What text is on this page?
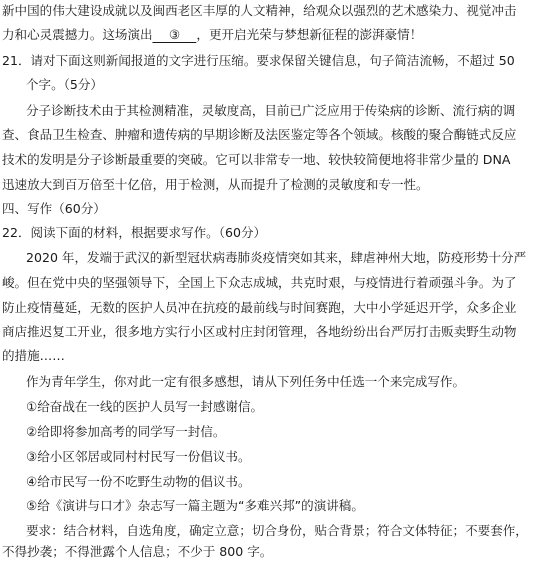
新中国的伟大建设成就以及闽西老区丰厚的人文精神，给观众以强烈的艺术感染力、视觉冲击
力和心灵震撼力。这场演出 ③ ，更开启光荣与梦想新征程的澎湃豪情！
21．请对下面这则新闻报道的文字进行压缩。要求保留关键信息，句子简洁流畅，不超过 50
个字。（5分）
分子诊断技术由于其检测精准，灵敏度高，目前已广泛应用于传染病的诊断、流行病的调
查、食品卫生检查、肿瘤和遗传病的早期诊断及法医鉴定等各个领域。核酸的聚合酶链式反应
技术的发明是分子诊断最重要的突破。它可以非常专一地、较快较简便地将非常少量的 DNA
迅速放大到百万倍至十亿倍，用于检测，从而提升了检测的灵敏度和专一性。
四、写作（60分）
22．阅读下面的材料，根据要求写作。（60分）
2020 年，发端于武汉的新型冠状病毒肺炎疫情突如其来，肆虐神州大地，防疫形势十分严
峻。但在党中央的坚强领导下，全国上下众志成城，共克时艰，与疫情进行着顽强斗争。为了
防止疫情蔓延，无数的医护人员冲在抗疫的最前线与时间赛跑，大中小学延迟开学，众多企业
商店推迟复工开业，很多地方实行小区或村庄封闭管理，各地纷纷出台严厉打击贩卖野生动物
的措施……
作为青年学生，你对此一定有很多感想，请从下列任务中任选一个来完成写作。
①给奋战在一线的医护人员写一封感谢信。
②给即将参加高考的同学写一封信。
③给小区邻居或同村村民写一份倡议书。
④给市民写一份不吃野生动物的倡议书。
⑤给《演讲与口才》杂志写一篇主题为“多难兴邦”的演讲稿。
要求：结合材料，自选角度，确定立意；切合身份，贴合背景；符合文体特征；不要套作，
不得抄袭；不得泄露个人信息；不少于 800 字。
